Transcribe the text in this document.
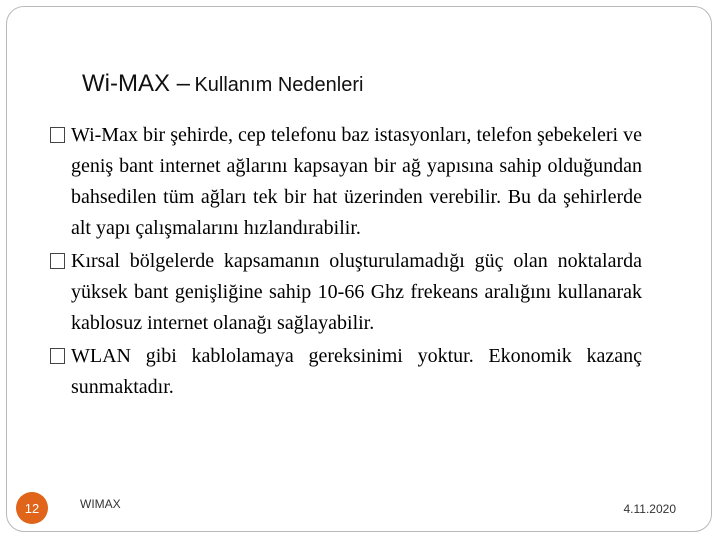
Wi-MAX – Kullanım Nedenleri
Wi-Max bir şehirde, cep telefonu baz istasyonları, telefon şebekeleri ve geniş bant internet ağlarını kapsayan bir ağ yapısına sahip olduğundan bahsedilen tüm ağları tek bir hat üzerinden verebilir. Bu da şehirlerde alt yapı çalışmalarını hızlandırabilir.
Kırsal bölgelerde kapsamanın oluşturulamadığı güç olan noktalarda yüksek bant genişliğine sahip 10-66 Ghz frekeans aralığını kullanarak kablosuz internet olanağı sağlayabilir.
WLAN gibi kablolamaya gereksinimi yoktur. Ekonomik kazanç sunmaktadır.
12	WIMAX	4.11.2020
